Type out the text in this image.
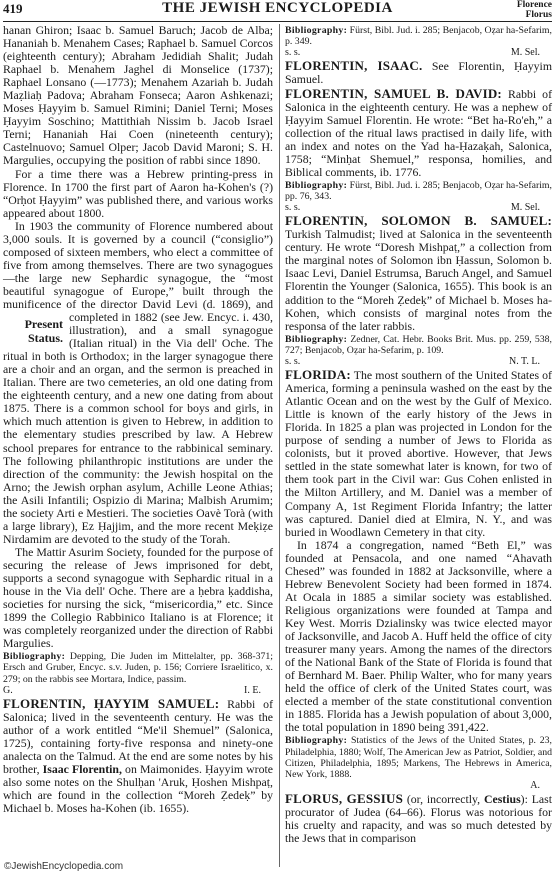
419	THE JEWISH ENCYCLOPEDIA	Florence
Florus

hanan Ghiron; Isaac b. Samuel Baruch; Jacob de Alba; Hananiah b. Menahem Cases; Raphael b. Samuel Corcos (eighteenth century); Abraham Jedidiah Shalit; Judah Raphael b. Menahem Jaghel di Monselice (1737); Raphael Lonsano (—1773); Menahem Azariah b. Judah Maẓliaḥ Padova; Abraham Fonseca; Aaron Ashkenazi; Moses Ḥayyim b. Samuel Rimini; Daniel Terni; Moses Ḥayyim Soschino; Mattithiah Nissim b. Jacob Israel Terni; Hananiah Hai Coen (nineteenth century); Castelnuovo; Samuel Olper; Jacob David Maroni; S. H. Margulies, occupying the position of rabbi since 1890.

For a time there was a Hebrew printing-press in Florence. In 1700 the first part of Aaron ha-Kohen's (?) “Orḥot Ḥayyim” was published there, and various works appeared about 1800.

In 1903 the community of Florence numbered about 3,000 souls. It is governed by a council (“consiglio”) composed of sixteen members, who elect a committee of five from among themselves. There are two synagogues—the large new Sephardic synagogue, the “most beautiful synagogue of Europe,” built through the munificence of the director David Levi (d. 1869), and completed in 1882 (see
Present
Status.
Jew. Encyc. i. 430, illustration), and a small synagogue (Italian ritual) in the Via dell' Oche. The ritual in both is Orthodox; in the larger synagogue there are a choir and an organ, and the sermon is preached in Italian. There are two cemeteries, an old one dating from the eighteenth century, and a new one dating from about 1875. There is a common school for boys and girls, in which much attention is given to Hebrew, in addition to the elementary studies prescribed by law. A Hebrew school prepares for entrance to the rabbinical seminary. The following philanthropic institutions are under the direction of the community: the Jewish hospital on the Arno; the Jewish orphan asylum, Achille Leone Athias; the Asili Infantili; Ospizio di Marina; Malbish Arumim; the society Arti e Mestieri. The societies Oavè Torà (with a large library), Ez Ḥajjim, and the more recent Meḳiẓe Nirdamim are devoted to the study of the Torah.

The Mattir Asurim Society, founded for the purpose of securing the release of Jews imprisoned for debt, supports a second synagogue with Sephardic ritual in a house in the Via dell' Oche. There are a ḥebra ḳaddisha, societies for nursing the sick, “misericordia,” etc. Since 1899 the Collegio Rabbinico Italiano is at Florence; it was completely reorganized under the direction of Rabbi Margulies.

Bibliography: Depping, Die Juden im Mittelalter, pp. 368-371; Ersch and Gruber, Encyc. s.v. Juden, p. 156; Corriere Israelitico, x. 279; on the rabbis see Mortara, Indice, passim.

G.	I. E.

FLORENTIN, ḤAYYIM SAMUEL: Rabbi of Salonica; lived in the seventeenth century. He was the author of a work entitled “Me'il Shemuel” (Salonica, 1725), containing forty-five responsa and ninety-one analecta on the Talmud. At the end are some notes by his brother, Isaac Florentin, on Maimonides. Ḥayyim wrote also some notes on the Shulḥan 'Aruk, Ḥoshen Mishpaṭ, which are found in the collection “Moreh Ẓedeḳ” by Michael b. Moses ha-Kohen (ib. 1655).

Bibliography: Fürst, Bibl. Jud. i. 285; Benjacob, Oẓar ha-Sefarim, p. 349.

s. s.	M. Sel.

FLORENTIN, ISAAC. See Florentin, Ḥayyim Samuel.

FLORENTIN, SAMUEL B. DAVID: Rabbi of Salonica in the eighteenth century. He was a nephew of Ḥayyim Samuel Florentin. He wrote: “Bet ha-Ro'eh,” a collection of the ritual laws practised in daily life, with an index and notes on the Yad ha-Ḥazaḳah, Salonica, 1758; “Minḥat Shemuel,” responsa, homilies, and Biblical comments, ib. 1776.

Bibliography: Fürst, Bibl. Jud. i. 285; Benjacob, Oẓar ha-Sefarim, pp. 76, 343.

s. s.	M. Sel.

FLORENTIN, SOLOMON B. SAMUEL: Turkish Talmudist; lived at Salonica in the seventeenth century. He wrote “Doresh Mishpaṭ,” a collection from the marginal notes of Solomon ibn Ḥassun, Solomon b. Isaac Levi, Daniel Estrumsa, Baruch Angel, and Samuel Florentin the Younger (Salonica, 1655). This book is an addition to the “Moreh Ẓedeḳ” of Michael b. Moses ha-Kohen, which consists of marginal notes from the responsa of the later rabbis.

Bibliography: Zedner, Cat. Hebr. Books Brit. Mus. pp. 259, 538, 727; Benjacob, Oẓar ha-Sefarim, p. 109.

s. s.	N. T. L.

FLORIDA: The most southern of the United States of America, forming a peninsula washed on the east by the Atlantic Ocean and on the west by the Gulf of Mexico. Little is known of the early history of the Jews in Florida. In 1825 a plan was projected in London for the purpose of sending a number of Jews to Florida as colonists, but it proved abortive. However, that Jews settled in the state somewhat later is known, for two of them took part in the Civil war: Gus Cohen enlisted in the Milton Artillery, and M. Daniel was a member of Company A, 1st Regiment Florida Infantry; the latter was captured. Daniel died at Elmira, N. Y., and was buried in Woodlawn Cemetery in that city.

In 1874 a congregation, named “Beth El,” was founded at Pensacola, and one named “Ahavath Chesed” was founded in 1882 at Jacksonville, where a Hebrew Benevolent Society had been formed in 1874. At Ocala in 1885 a similar society was established. Religious organizations were founded at Tampa and Key West. Morris Dzialinsky was twice elected mayor of Jacksonville, and Jacob A. Huff held the office of city treasurer many years. Among the names of the directors of the National Bank of the State of Florida is found that of Bernhard M. Baer. Philip Walter, who for many years held the office of clerk of the United States court, was elected a member of the state constitutional convention in 1885. Florida has a Jewish population of about 3,000, the total population in 1890 being 391,422.

Bibliography: Statistics of the Jews of the United States, p. 23, Philadelphia, 1880; Wolf, The American Jew as Patriot, Soldier, and Citizen, Philadelphia, 1895; Markens, The Hebrews in America, New York, 1888.

A.

FLORUS, GESSIUS (or, incorrectly, Cestius): Last procurator of Judea (64–66). Florus was notorious for his cruelty and rapacity, and was so much detested by the Jews that in comparison

©JewishEncyclopedia.com
